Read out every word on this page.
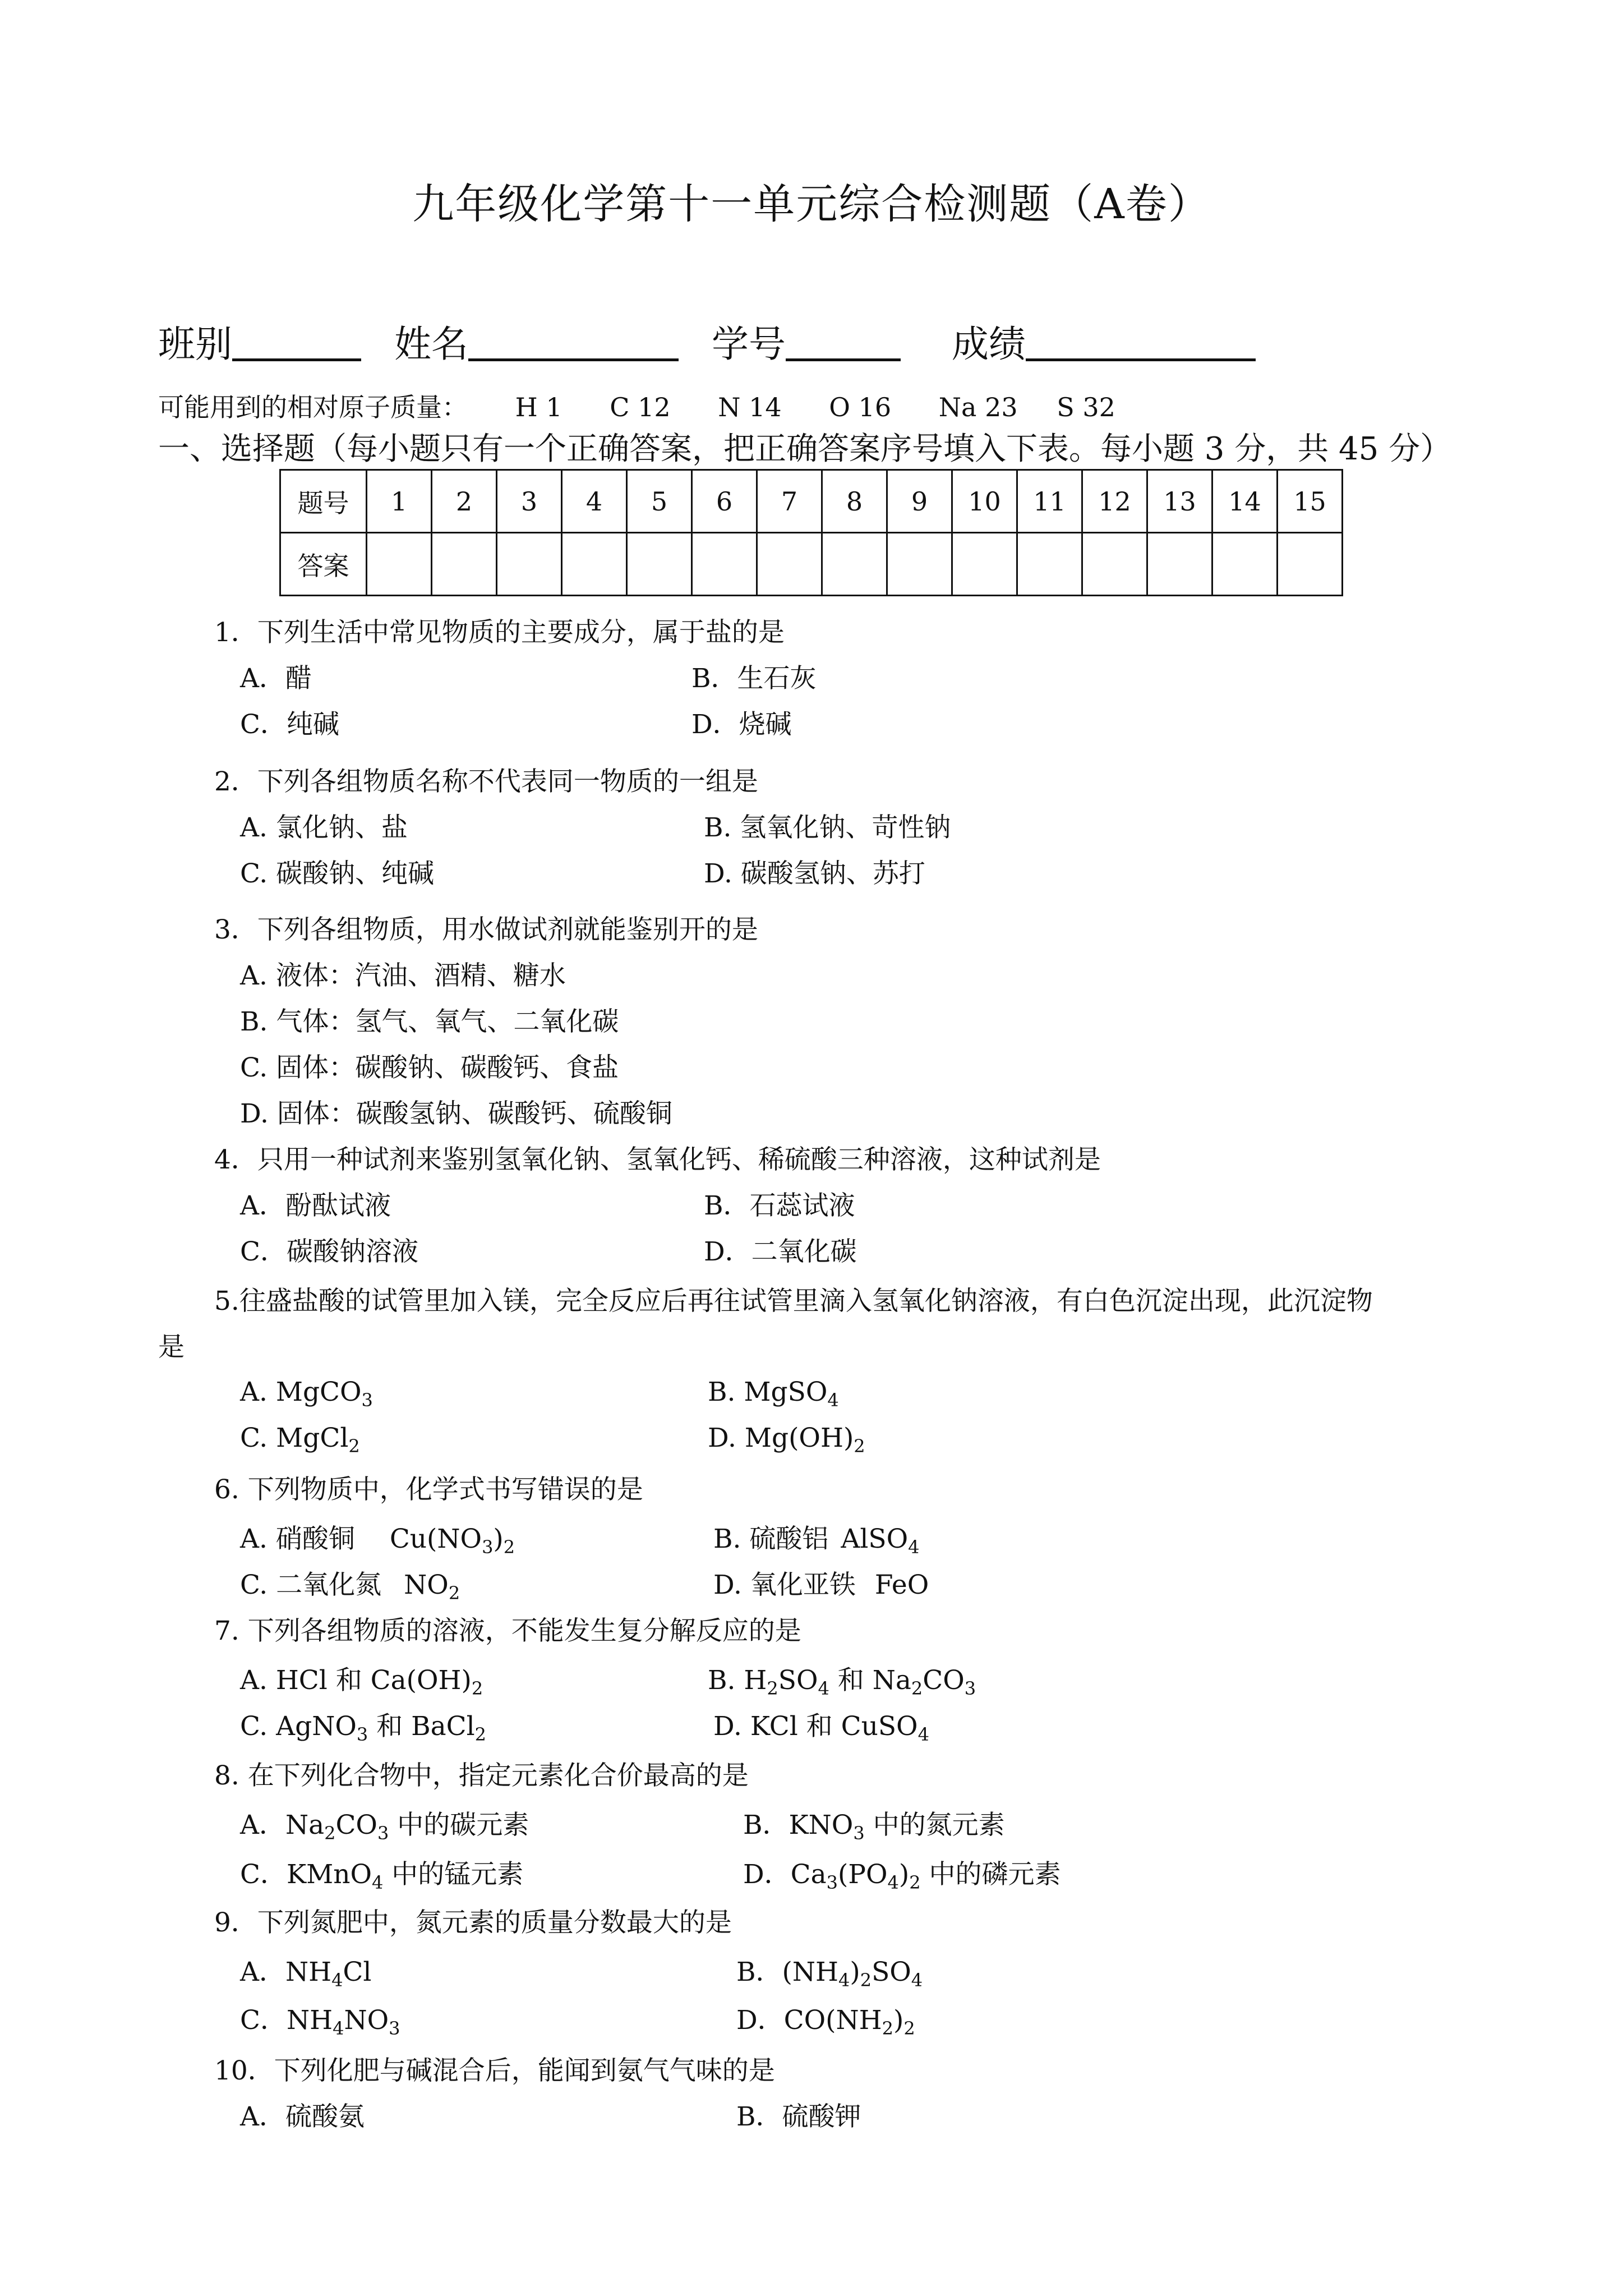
九年级化学第十一单元综合检测题（A卷）
班别	姓名	学号	成绩
可能用到的相对原子质量： H 1 C 12 N 14 O 16 Na 23 S 32
一、选择题（每小题只有一个正确答案，把正确答案序号填入下表。每小题 3 分，共 45 分）
题号	1	2	3	4	5	6	7	8	9	10	11	12	13	14	15
答案															
1．下列生活中常见物质的主要成分，属于盐的是
A．醋	B．生石灰
C．纯碱	D．烧碱
2．下列各组物质名称不代表同一物质的一组是
A. 氯化钠、盐	B. 氢氧化钠、苛性钠
C. 碳酸钠、纯碱	D. 碳酸氢钠、苏打
3．下列各组物质，用水做试剂就能鉴别开的是
A. 液体：汽油、酒精、糖水
B. 气体：氢气、氧气、二氧化碳
C. 固体：碳酸钠、碳酸钙、食盐
D. 固体：碳酸氢钠、碳酸钙、硫酸铜
4．只用一种试剂来鉴别氢氧化钠、氢氧化钙、稀硫酸三种溶液，这种试剂是
A．酚酞试液	B．石蕊试液
C．碳酸钠溶液	D．二氧化碳
5.往盛盐酸的试管里加入镁，完全反应后再往试管里滴入氢氧化钠溶液，有白色沉淀出现，此沉淀物
是
A. MgCO$_3$	B. MgSO$_4$
C. MgCl$_2$	D. $Mg(OH)_2$
6. 下列物质中，化学式书写错误的是
A. 硝酸铜 $Cu(NO_3)_2$	B. 硫酸铝 AlSO$_4$
C. 二氧化氮 $NO_2$	D. 氧化亚铁 FeO
7. 下列各组物质的溶液，不能发生复分解反应的是
A. HCl 和 $Ca(OH)_2$	B. $H_2SO_4$ 和 $Na_2CO_3$
C. AgNO$_3$ 和 BaCl$_2$	D. KCl 和 CuSO$_4$
8. 在下列化合物中，指定元素化合价最高的是
A．$Na_2CO_3$ 中的碳元素	B．$KNO_3$ 中的氮元素
C．KMnO$_4$ 中的锰元素	D．$Ca_3(PO_4)_2$ 中的磷元素
9．下列氮肥中，氮元素的质量分数最大的是
A．$NH_4Cl$	B．$(NH_4)_2SO_4$
C．$NH_4NO_3$	D．$CO(NH_2)_2$
10．下列化肥与碱混合后，能闻到氨气气味的是
A．硫酸氨	B．硫酸钾
